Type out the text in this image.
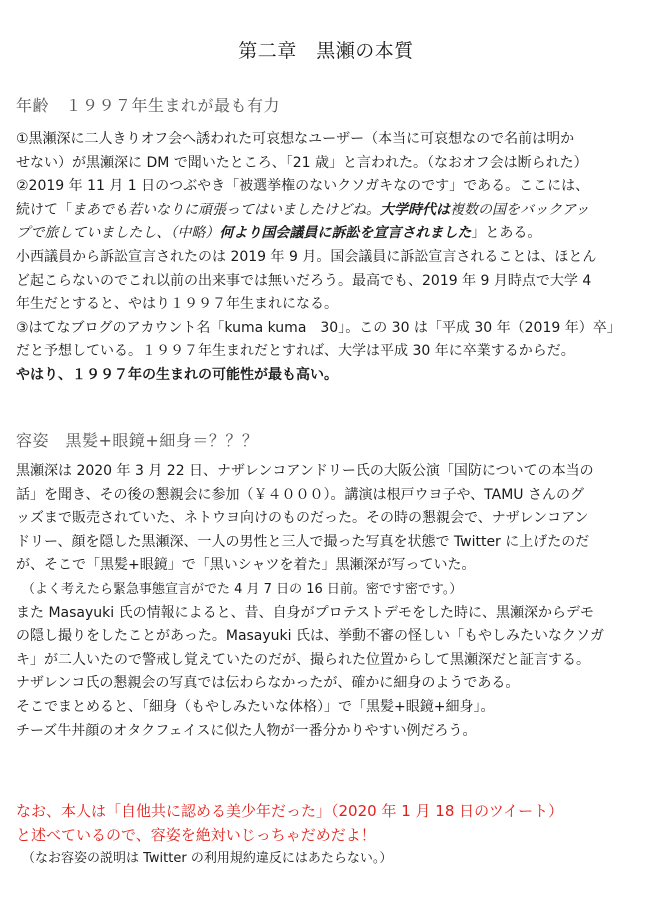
第二章　黒瀬の本質
年齢　１９９７年生まれが最も有力
①黒瀬深に二人きりオフ会へ誘われた可哀想なユーザー（本当に可哀想なので名前は明か
せない）が黒瀬深に DM で聞いたところ、「21 歳」と言われた。（なおオフ会は断られた）
②2019 年 11 月 1 日のつぶやき「被選挙権のないクソガキなのです」である。ここには、
続けて「まあでも若いなりに頑張ってはいましたけどね。大学時代は複数の国をバックアッ
プで旅していましたし、（中略）何より国会議員に訴訟を宣言されました」とある。
小西議員から訴訟宣言されたのは 2019 年 9 月。国会議員に訴訟宣言されることは、ほとん
ど起こらないのでこれ以前の出来事では無いだろう。最高でも、2019 年 9 月時点で大学 4
年生だとすると、やはり１９９７年生まれになる。
③はてなブログのアカウント名「kuma kuma　30」。この 30 は「平成 30 年（2019 年）卒」
だと予想している。１９９７年生まれだとすれば、大学は平成 30 年に卒業するからだ。
やはり、１９９７年の生まれの可能性が最も高い。
容姿　黒髪+眼鏡+細身＝？？？
黒瀬深は 2020 年 3 月 22 日、ナザレンコアンドリー氏の大阪公演「国防についての本当の
話」を聞き、その後の懇親会に参加（￥４０００）。講演は根戸ウヨ子や、TAMU さんのグ
ッズまで販売されていた、ネトウヨ向けのものだった。その時の懇親会で、ナザレンコアン
ドリー、顔を隠した黒瀬深、一人の男性と三人で撮った写真を状態で Twitter に上げたのだ
が、そこで「黒髪+眼鏡」で「黒いシャツを着た」黒瀬深が写っていた。
（よく考えたら緊急事態宣言がでた 4 月 7 日の 16 日前。密です密です。）
また Masayuki 氏の情報によると、昔、自身がプロテストデモをした時に、黒瀬深からデモ
の隠し撮りをしたことがあった。Masayuki 氏は、挙動不審の怪しい「もやしみたいなクソガ
キ」が二人いたので警戒し覚えていたのだが、撮られた位置からして黒瀬深だと証言する。
ナザレンコ氏の懇親会の写真では伝わらなかったが、確かに細身のようである。
そこでまとめると、「細身（もやしみたいな体格）」で「黒髪+眼鏡+細身」。
チーズ牛丼顔のオタクフェイスに似た人物が一番分かりやすい例だろう。
なお、本人は「自他共に認める美少年だった」（2020 年 1 月 18 日のツイート）
と述べているので、容姿を絶対いじっちゃだめだよ！
（なお容姿の説明は Twitter の利用規約違反にはあたらない。）
